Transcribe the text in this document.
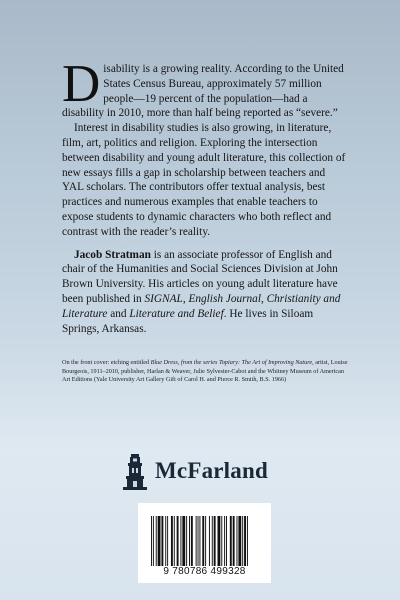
Disability is a growing reality. According to the United States Census Bureau, approximately 57 million people—19 percent of the population—had a disability in 2010, more than half being reported as “severe.”

Interest in disability studies is also growing, in literature, film, art, politics and religion. Exploring the intersection between disability and young adult literature, this collection of new essays fills a gap in scholarship between teachers and YAL scholars. The contributors offer textual analysis, best practices and numerous examples that enable teachers to expose students to dynamic characters who both reflect and contrast with the reader’s reality.

Jacob Stratman is an associate professor of English and chair of the Humanities and Social Sciences Division at John Brown University. His articles on young adult literature have been published in SIGNAL, English Journal, Christianity and Literature and Literature and Belief. He lives in Siloam Springs, Arkansas.

On the front cover: etching entitled Blue Dress, from the series Topiary: The Art of Improving Nature, artist, Louise Bourgeois, 1911–2010, publisher, Harlan & Weaver, Julie Sylvester-Cabot and the Whitney Museum of American Art Editions (Yale University Art Gallery Gift of Carol H. and Pierce R. Smith, B.S. 1966)

McFarland
9 780786 499328
